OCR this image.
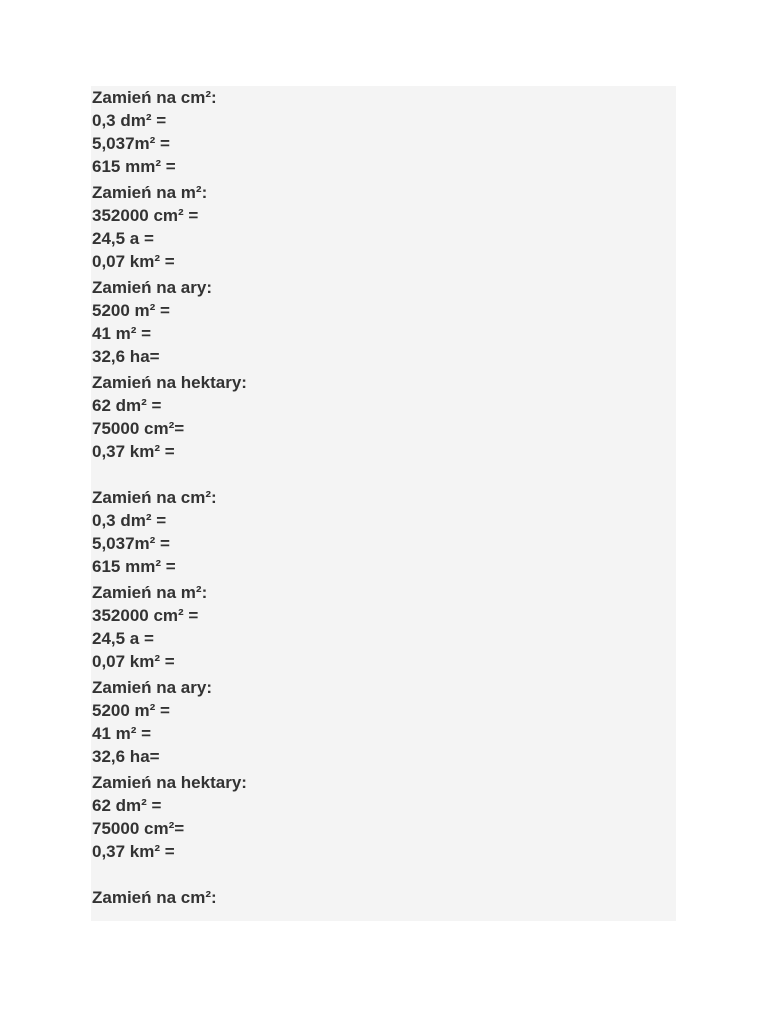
Zamień na cm²:
0,3 dm² =
5,037m² =
615 mm² =
Zamień na m²:
352000 cm² =
24,5 a =
0,07 km² =
Zamień na ary:
5200 m² =
41 m² =
32,6 ha=
Zamień na hektary:
62 dm² =
75000 cm²=
0,37 km² =
Zamień na cm²:
0,3 dm² =
5,037m² =
615 mm² =
Zamień na m²:
352000 cm² =
24,5 a =
0,07 km² =
Zamień na ary:
5200 m² =
41 m² =
32,6 ha=
Zamień na hektary:
62 dm² =
75000 cm²=
0,37 km² =
Zamień na cm²:
